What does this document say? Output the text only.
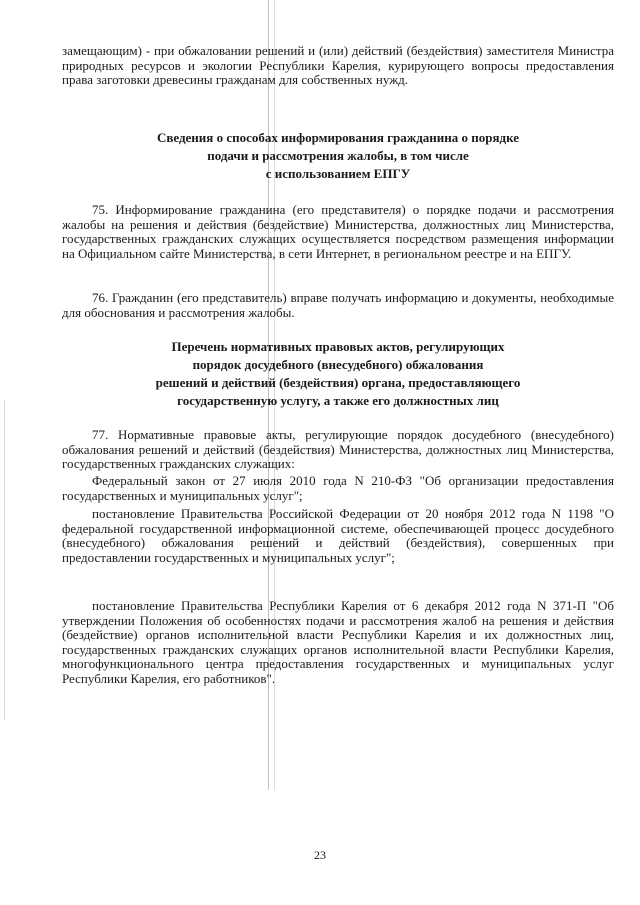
замещающим) - при обжаловании решений и (или) действий (бездействия) заместителя Министра природных ресурсов и экологии Республики Карелия, курирующего вопросы предоставления права заготовки древесины гражданам для собственных нужд.

Сведения о способах информирования гражданина о порядке
подачи и рассмотрения жалобы, в том числе
с использованием ЕПГУ

75. Информирование гражданина (его представителя) о порядке подачи и рассмотрения жалобы на решения и действия (бездействие) Министерства, должностных лиц Министерства, государственных гражданских служащих осуществляется посредством размещения информации на Официальном сайте Министерства, в сети Интернет, в региональном реестре и на ЕПГУ.

76. Гражданин (его представитель) вправе получать информацию и документы, необходимые для обоснования и рассмотрения жалобы.

Перечень нормативных правовых актов, регулирующих
порядок досудебного (внесудебного) обжалования
решений и действий (бездействия) органа, предоставляющего
государственную услугу, а также его должностных лиц

77. Нормативные правовые акты, регулирующие порядок досудебного (внесудебного) обжалования решений и действий (бездействия) Министерства, должностных лиц Министерства, государственных гражданских служащих:

Федеральный закон от 27 июля 2010 года N 210-ФЗ "Об организации предоставления государственных и муниципальных услуг";

постановление Правительства Российской Федерации от 20 ноября 2012 года N 1198 "О федеральной государственной информационной системе, обеспечивающей процесс досудебного (внесудебного) обжалования решений и действий (бездействия), совершенных при предоставлении государственных и муниципальных услуг";

постановление Правительства Республики Карелия от 6 декабря 2012 года N 371-П "Об утверждении Положения об особенностях подачи и рассмотрения жалоб на решения и действия (бездействие) органов исполнительной власти Республики Карелия и их должностных лиц, государственных гражданских служащих органов исполнительной власти Республики Карелия, многофункционального центра предоставления государственных и муниципальных услуг Республики Карелия, его работников".

23
